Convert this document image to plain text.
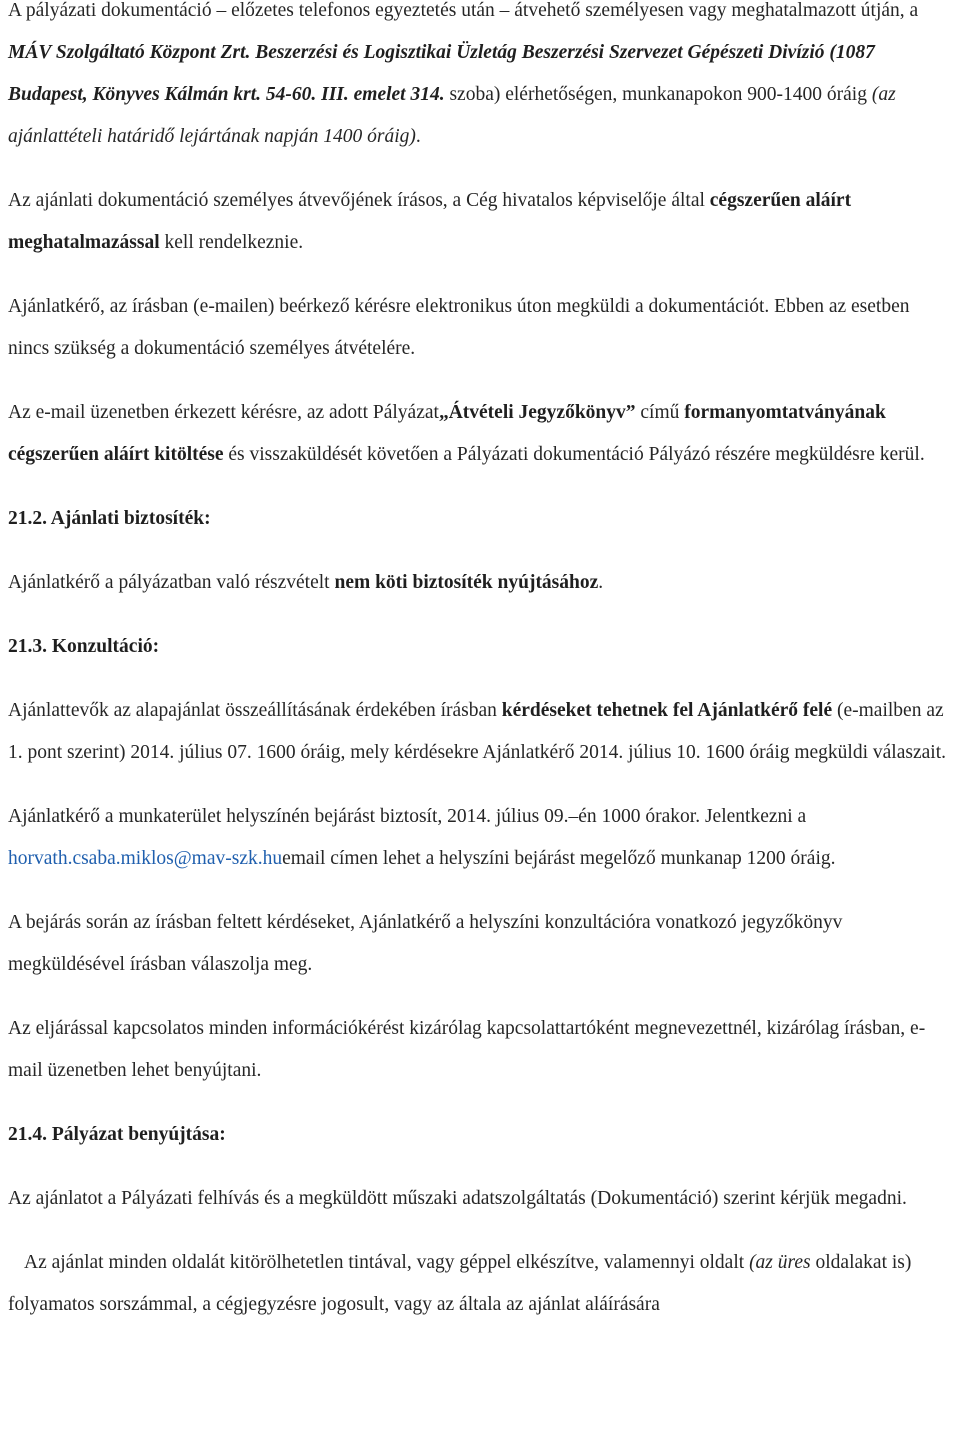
A pályázati dokumentáció – előzetes telefonos egyeztetés után – átvehető személyesen vagy meghatalmazott útján, a MÁV Szolgáltató Központ Zrt. Beszerzési és Logisztikai Üzletág Beszerzési Szervezet Gépészeti Divízió (1087 Budapest, Könyves Kálmán krt. 54-60. III. emelet 314. szoba) elérhetőségen, munkanapokon 900-1400 óráig (az ajánlattételi határidő lejártának napján 1400 óráig).

Az ajánlati dokumentáció személyes átvevőjének írásos, a Cég hivatalos képviselője által cégszerűen aláírt meghatalmazással kell rendelkeznie.

Ajánlatkérő, az írásban (e-mailen) beérkező kérésre elektronikus úton megküldi a dokumentációt. Ebben az esetben nincs szükség a dokumentáció személyes átvételére.

Az e-mail üzenetben érkezett kérésre, az adott Pályázat„Átvételi Jegyzőkönyv” című formanyomtatványának cégszerűen aláírt kitöltése és visszaküldését követően a Pályázati dokumentáció Pályázó részére megküldésre kerül.

21.2. Ajánlati biztosíték:

Ajánlatkérő a pályázatban való részvételt nem köti biztosíték nyújtásához.

21.3. Konzultáció:

Ajánlattevők az alapajánlat összeállításának érdekében írásban kérdéseket tehetnek fel Ajánlatkérő felé (e-mailben az 1. pont szerint) 2014. július 07. 1600 óráig, mely kérdésekre Ajánlatkérő 2014. július 10. 1600 óráig megküldi válaszait.

Ajánlatkérő a munkaterület helyszínén bejárást biztosít, 2014. július 09.–én 1000 órakor. Jelentkezni a horvath.csaba.miklos@mav-szk.huemail címen lehet a helyszíni bejárást megelőző munkanap 1200 óráig.

A bejárás során az írásban feltett kérdéseket, Ajánlatkérő a helyszíni konzultációra vonatkozó jegyzőkönyv megküldésével írásban válaszolja meg.

Az eljárással kapcsolatos minden információkérést kizárólag kapcsolattartóként megnevezettnél, kizárólag írásban, e-mail üzenetben lehet benyújtani.

21.4. Pályázat benyújtása:

Az ajánlatot a Pályázati felhívás és a megküldött műszaki adatszolgáltatás (Dokumentáció) szerint kérjük megadni.

Az ajánlat minden oldalát kitörölhetetlen tintával, vagy géppel elkészítve, valamennyi oldalt (az üres oldalakat is) folyamatos sorszámmal, a cégjegyzésre jogosult, vagy az általa az ajánlat aláírására
